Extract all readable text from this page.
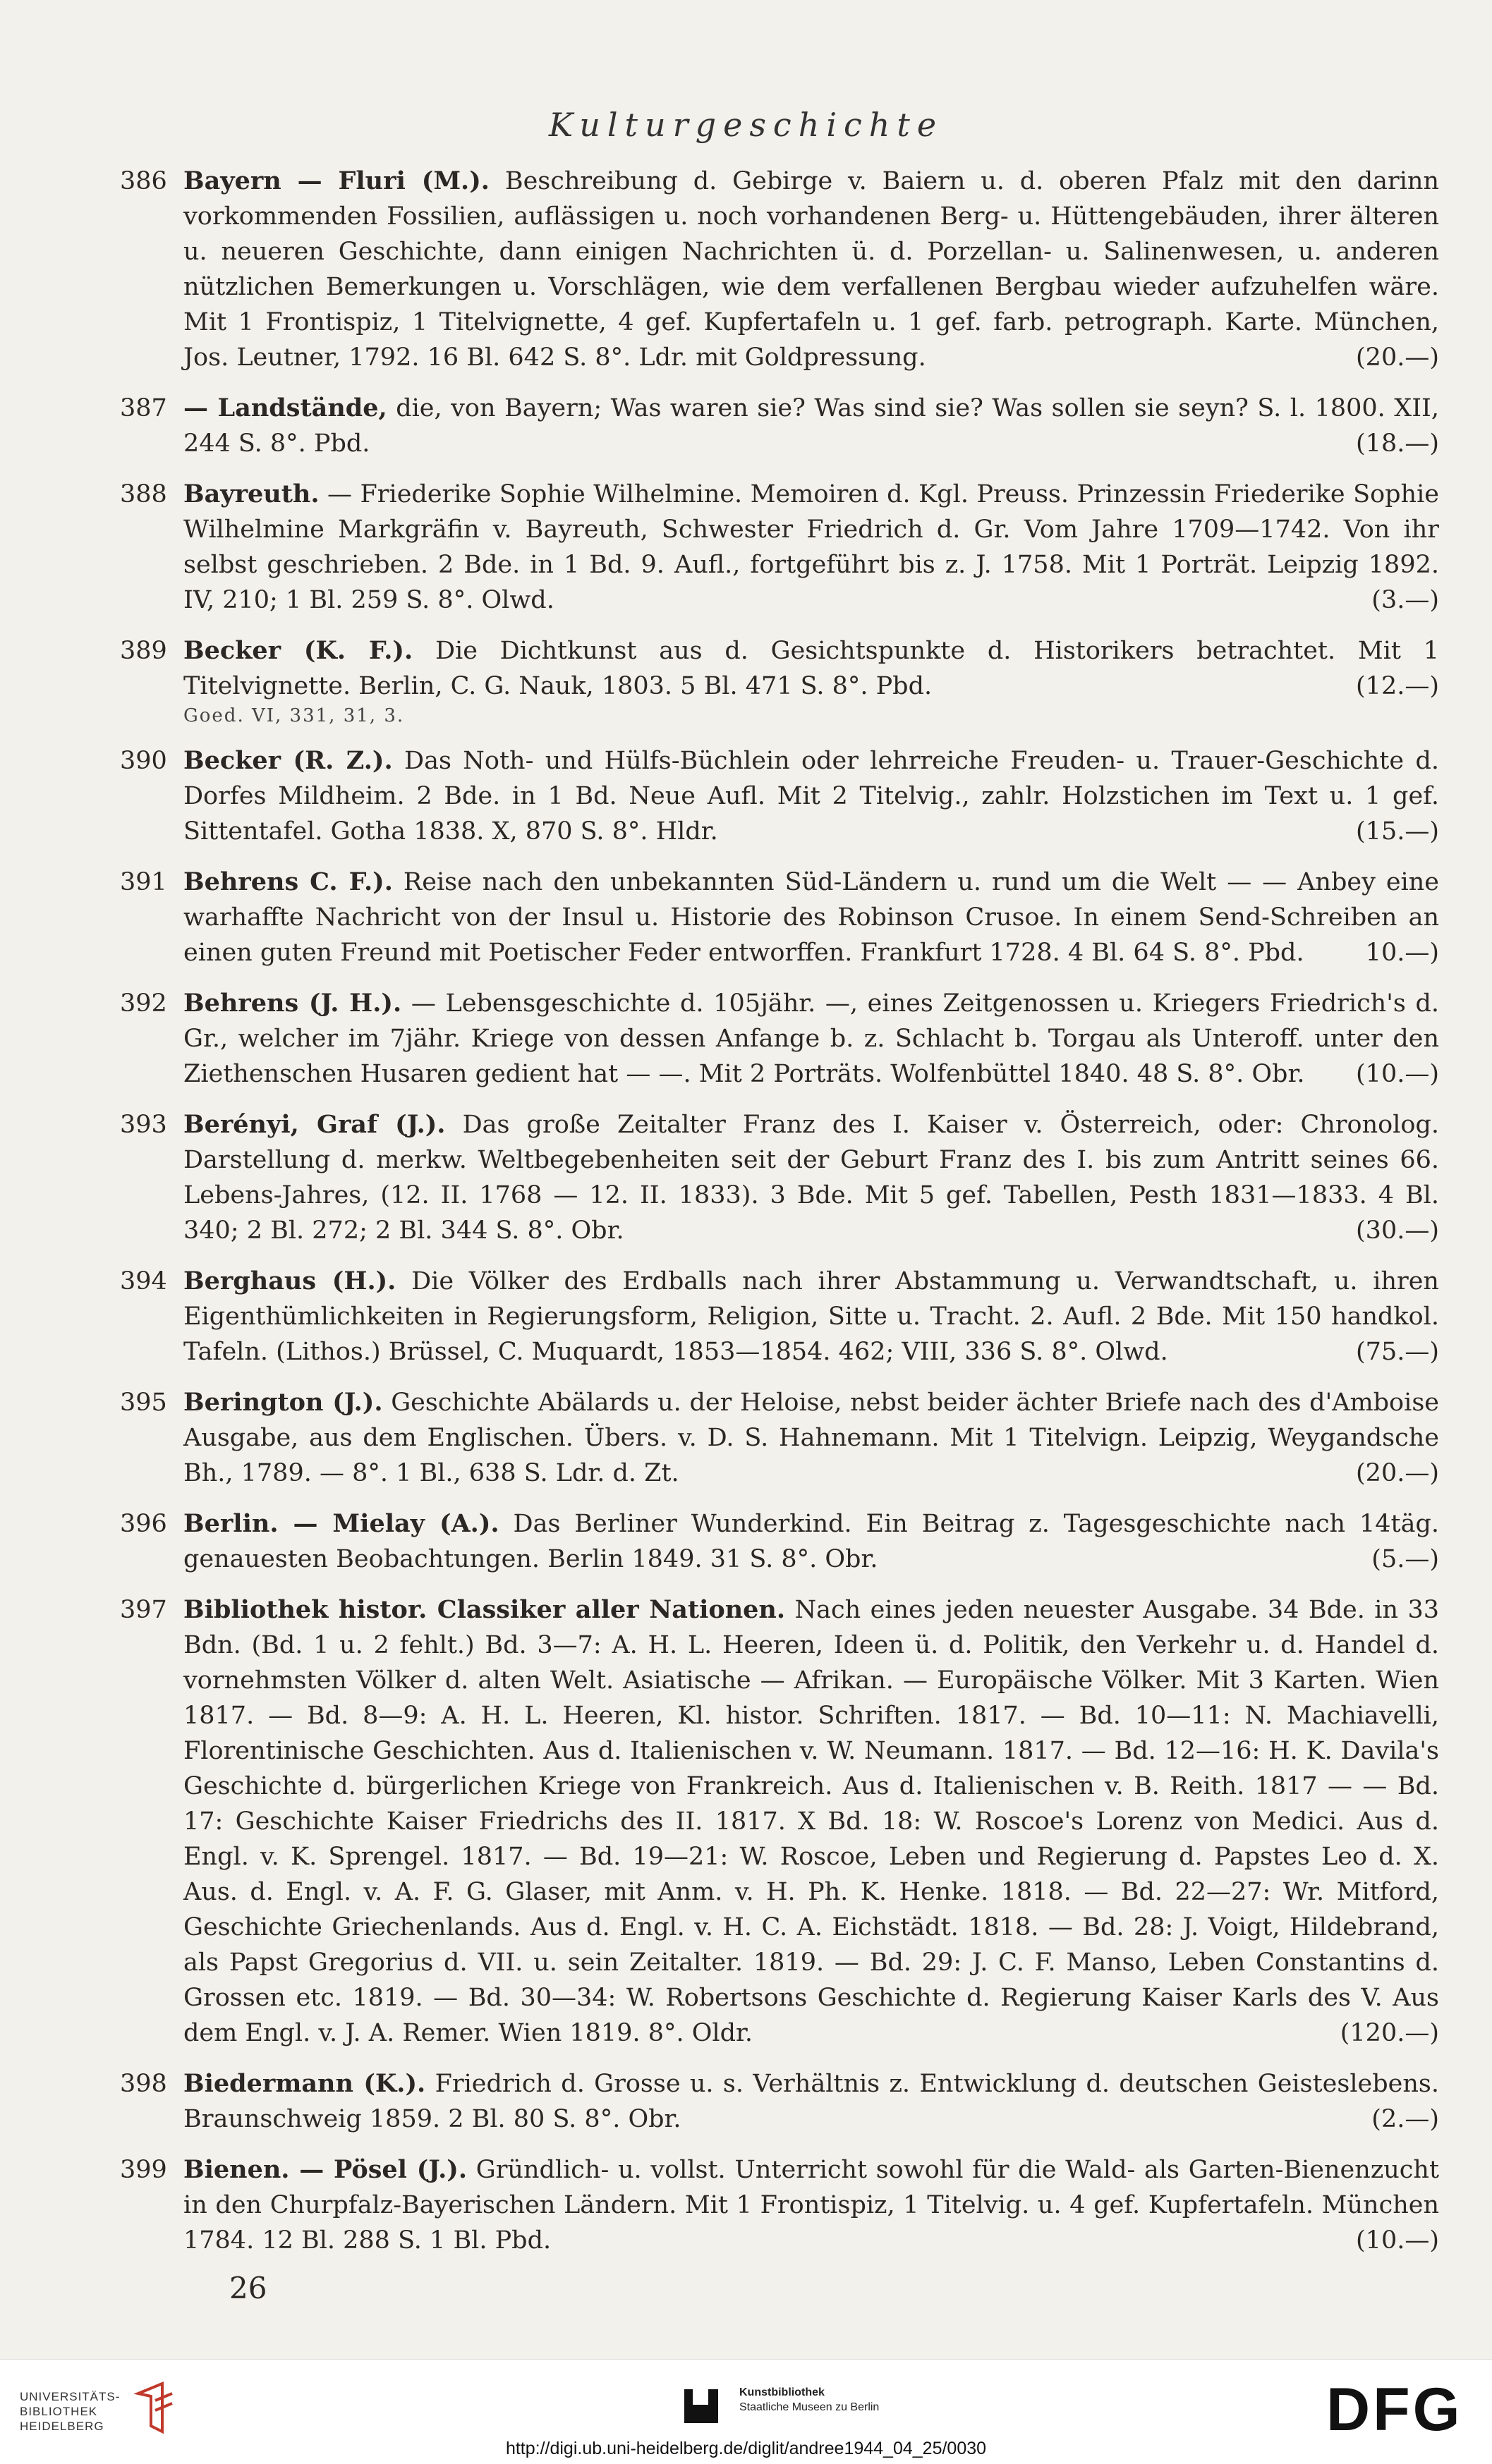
Kulturgeschichte
386 Bayern — Fluri (M.). Beschreibung d. Gebirge v. Baiern u. d. oberen Pfalz mit den darinn vorkommenden Fossilien, auflässigen u. noch vorhandenen Berg- u. Hüttengebäuden, ihrer älteren u. neueren Geschichte, dann einigen Nachrichten ü. d. Porzellan- u. Salinenwesen, u. anderen nützlichen Bemerkungen u. Vorschlägen, wie dem verfallenen Bergbau wieder aufzuhelfen wäre. Mit 1 Frontispiz, 1 Titelvignette, 4 gef. Kupfertafeln u. 1 gef. farb. petrograph. Karte. München, Jos. Leutner, 1792. 16 Bl. 642 S. 8°. Ldr. mit Goldpressung.	(20.—)
387 — Landstände, die, von Bayern; Was waren sie? Was sind sie? Was sollen sie seyn? S. l. 1800. XII, 244 S. 8°. Pbd.	(18.—)
388 Bayreuth. — Friederike Sophie Wilhelmine. Memoiren d. Kgl. Preuss. Prinzessin Friederike Sophie Wilhelmine Markgräfin v. Bayreuth, Schwester Friedrich d. Gr. Vom Jahre 1709—1742. Von ihr selbst geschrieben. 2 Bde. in 1 Bd. 9. Aufl., fortgeführt bis z. J. 1758. Mit 1 Porträt. Leipzig 1892. IV, 210; 1 Bl. 259 S. 8°. Olwd.	(3.—)
389 Becker (K. F.). Die Dichtkunst aus d. Gesichtspunkte d. Historikers betrachtet. Mit 1 Titelvignette. Berlin, C. G. Nauk, 1803. 5 Bl. 471 S. 8°. Pbd.	(12.—)
Goed. VI, 331, 31, 3.
390 Becker (R. Z.). Das Noth- und Hülfs-Büchlein oder lehrreiche Freuden- u. Trauer-Geschichte d. Dorfes Mildheim. 2 Bde. in 1 Bd. Neue Aufl. Mit 2 Titelvig., zahlr. Holzstichen im Text u. 1 gef. Sittentafel. Gotha 1838. X, 870 S. 8°. Hldr.	(15.—)
391 Behrens C. F.). Reise nach den unbekannten Süd-Ländern u. rund um die Welt — — Anbey eine warhaffte Nachricht von der Insul u. Historie des Robinson Crusoe. In einem Send-Schreiben an einen guten Freund mit Poetischer Feder entworffen. Frankfurt 1728. 4 Bl. 64 S. 8°. Pbd. 10.—)
392 Behrens (J. H.). — Lebensgeschichte d. 105jähr. —, eines Zeitgenossen u. Kriegers Friedrich's d. Gr., welcher im 7jähr. Kriege von dessen Anfange b. z. Schlacht b. Torgau als Unteroff. unter den Ziethenschen Husaren gedient hat — —. Mit 2 Porträts. Wolfenbüttel 1840. 48 S. 8°. Obr. (10.—)
393 Berényi, Graf (J.). Das große Zeitalter Franz des I. Kaiser v. Österreich, oder: Chronolog. Darstellung d. merkw. Weltbegebenheiten seit der Geburt Franz des I. bis zum Antritt seines 66. Lebens-Jahres, (12. II. 1768 — 12. II. 1833). 3 Bde. Mit 5 gef. Tabellen, Pesth 1831—1833. 4 Bl. 340; 2 Bl. 272; 2 Bl. 344 S. 8°. Obr.	(30.—)
394 Berghaus (H.). Die Völker des Erdballs nach ihrer Abstammung u. Verwandtschaft, u. ihren Eigenthümlichkeiten in Regierungsform, Religion, Sitte u. Tracht. 2. Aufl. 2 Bde. Mit 150 handkol. Tafeln. (Lithos.) Brüssel, C. Muquardt, 1853—1854. 462; VIII, 336 S. 8°. Olwd.	(75.—)
395 Berington (J.). Geschichte Abälards u. der Heloise, nebst beider ächter Briefe nach des d'Amboise Ausgabe, aus dem Englischen. Übers. v. D. S. Hahnemann. Mit 1 Titelvign. Leipzig, Weygandsche Bh., 1789. — 8°. 1 Bl., 638 S. Ldr. d. Zt.	(20.—)
396 Berlin. — Mielay (A.). Das Berliner Wunderkind. Ein Beitrag z. Tagesgeschichte nach 14täg. genauesten Beobachtungen. Berlin 1849. 31 S. 8°. Obr.	(5.—)
397 Bibliothek histor. Classiker aller Nationen. Nach eines jeden neuester Ausgabe. 34 Bde. in 33 Bdn. (Bd. 1 u. 2 fehlt.) Bd. 3—7: A. H. L. Heeren, Ideen ü. d. Politik, den Verkehr u. d. Handel d. vornehmsten Völker d. alten Welt. Asiatische — Afrikan. — Europäische Völker. Mit 3 Karten. Wien 1817. — Bd. 8—9: A. H. L. Heeren, Kl. histor. Schriften. 1817. — Bd. 10—11: N. Machiavelli, Florentinische Geschichten. Aus d. Italienischen v. W. Neumann. 1817. — Bd. 12—16: H. K. Davila's Geschichte d. bürgerlichen Kriege von Frankreich. Aus d. Italienischen v. B. Reith. 1817 — — Bd. 17: Geschichte Kaiser Friedrichs des II. 1817. X Bd. 18: W. Roscoe's Lorenz von Medici. Aus d. Engl. v. K. Sprengel. 1817. — Bd. 19—21: W. Roscoe, Leben und Regierung d. Papstes Leo d. X. Aus. d. Engl. v. A. F. G. Glaser, mit Anm. v. H. Ph. K. Henke. 1818. — Bd. 22—27: Wr. Mitford, Geschichte Griechenlands. Aus d. Engl. v. H. C. A. Eichstädt. 1818. — Bd. 28: J. Voigt, Hildebrand, als Papst Gregorius d. VII. u. sein Zeitalter. 1819. — Bd. 29: J. C. F. Manso, Leben Constantins d. Grossen etc. 1819. — Bd. 30—34: W. Robertsons Geschichte d. Regierung Kaiser Karls des V. Aus dem Engl. v. J. A. Remer. Wien 1819. 8°. Oldr.	(120.—)
398 Biedermann (K.). Friedrich d. Grosse u. s. Verhältnis z. Entwicklung d. deutschen Geisteslebens. Braunschweig 1859. 2 Bl. 80 S. 8°. Obr.	(2.—)
399 Bienen. — Pösel (J.). Gründlich- u. vollst. Unterricht sowohl für die Wald- als Garten-Bienenzucht in den Churpfalz-Bayerischen Ländern. Mit 1 Frontispiz, 1 Titelvig. u. 4 gef. Kupfertafeln. München 1784. 12 Bl. 288 S. 1 Bl. Pbd.	(10.—)
26
UNIVERSITÄTS-
BIBLIOTHEK
HEIDELBERG
Kunstbibliothek
Staatliche Museen zu Berlin	DFG
http://digi.ub.uni-heidelberg.de/diglit/andree1944_04_25/0030
